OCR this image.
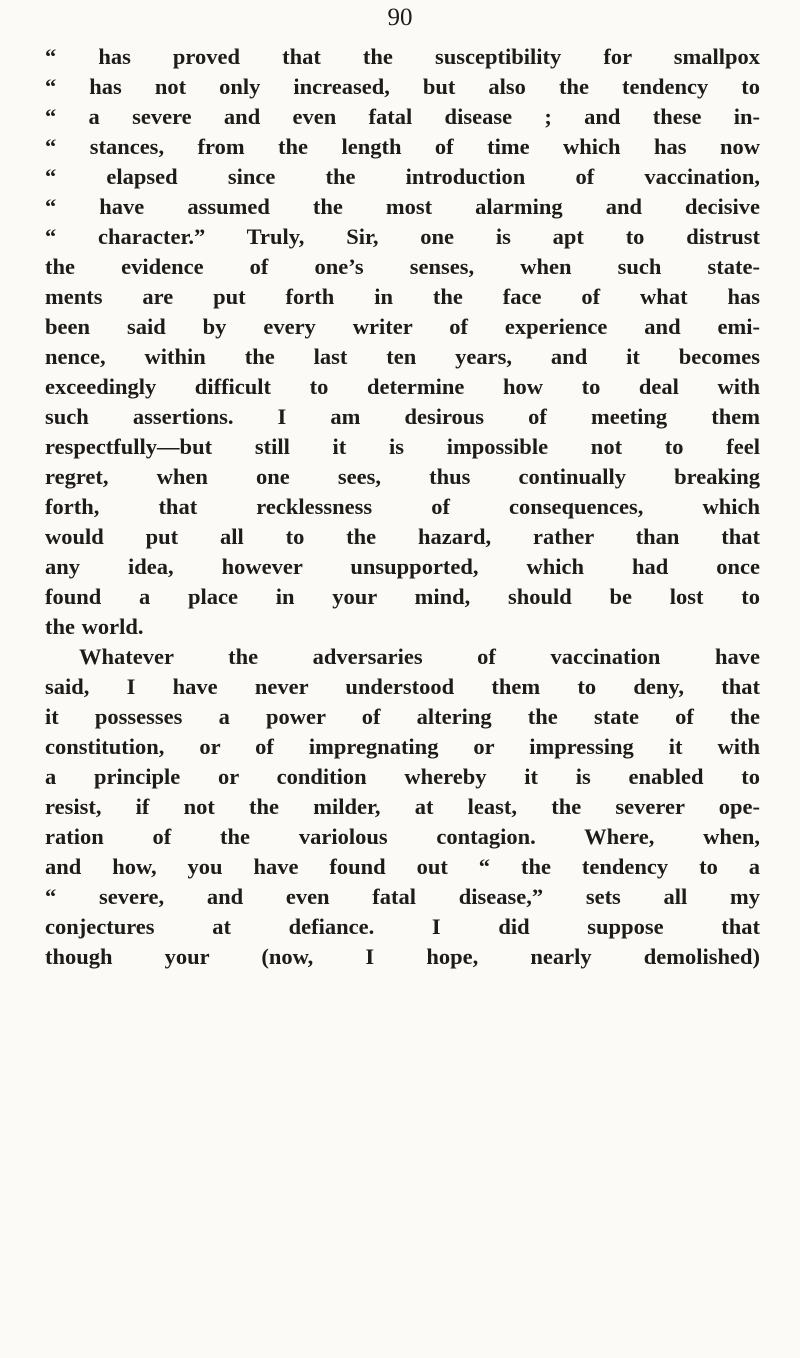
90
“ has proved that the susceptibility for smallpox
“ has not only increased, but also the tendency to
“ a severe and even fatal disease ; and these in-
“ stances, from the length of time which has now
“ elapsed since the introduction of vaccination,
“ have assumed the most alarming and decisive
“ character.” Truly, Sir, one is apt to distrust
the evidence of one’s senses, when such state-
ments are put forth in the face of what has
been said by every writer of experience and emi-
nence, within the last ten years, and it becomes
exceedingly difficult to determine how to deal with
such assertions. I am desirous of meeting them
respectfully—but still it is impossible not to feel
regret, when one sees, thus continually breaking
forth, that recklessness of consequences, which
would put all to the hazard, rather than that
any idea, however unsupported, which had once
found a place in your mind, should be lost to
the world.
Whatever the adversaries of vaccination have
said, I have never understood them to deny, that
it possesses a power of altering the state of the
constitution, or of impregnating or impressing it with
a principle or condition whereby it is enabled to
resist, if not the milder, at least, the severer ope-
ration of the variolous contagion. Where, when,
and how, you have found out “ the tendency to a
“ severe, and even fatal disease,” sets all my
conjectures at defiance. I did suppose that
though your (now, I hope, nearly demolished)
